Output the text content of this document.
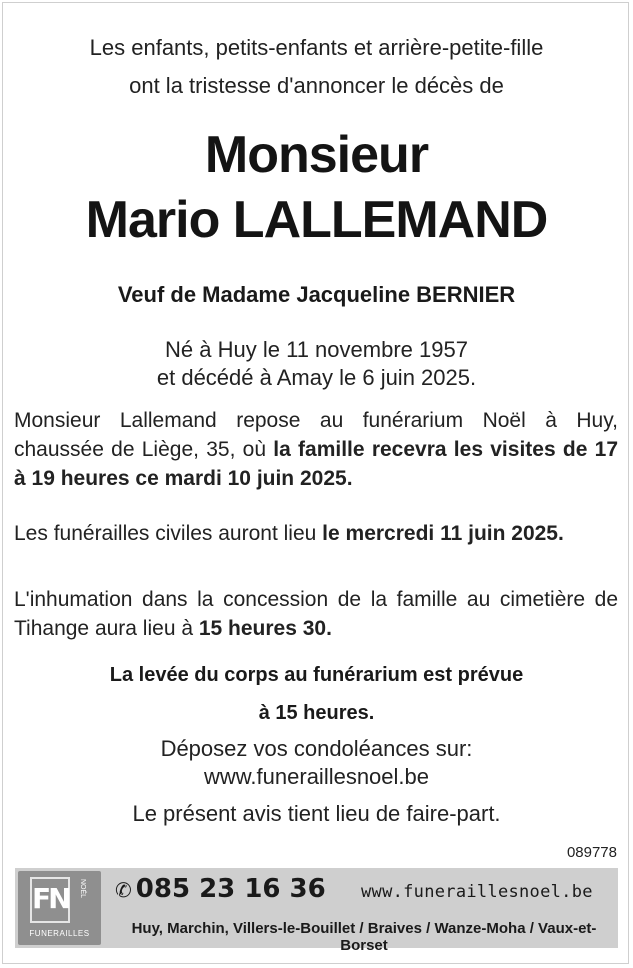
Les enfants, petits-enfants et arrière-petite-fille
ont la tristesse d'annoncer le décès de
Monsieur
Mario LALLEMAND
Veuf de Madame Jacqueline BERNIER
Né à Huy le 11 novembre 1957
et décédé à Amay le 6 juin 2025.
Monsieur Lallemand repose au funérarium Noël à Huy, chaussée de Liège, 35, où la famille recevra les visites de 17 à 19 heures ce mardi 10 juin 2025.
Les funérailles civiles auront lieu le mercredi 11 juin 2025.
L'inhumation dans la concession de la famille au cimetière de Tihange aura lieu à 15 heures 30.
La levée du corps au funérarium est prévue
à 15 heures.
Déposez vos condoléances sur:
www.funeraillesnoel.be
Le présent avis tient lieu de faire-part.
089778
FN	NOËL
FUNERAILLES
✆ 085 23 16 36 www.funeraillesnoel.be
Huy, Marchin, Villers-le-Bouillet / Braives / Wanze-Moha / Vaux-et-Borset
